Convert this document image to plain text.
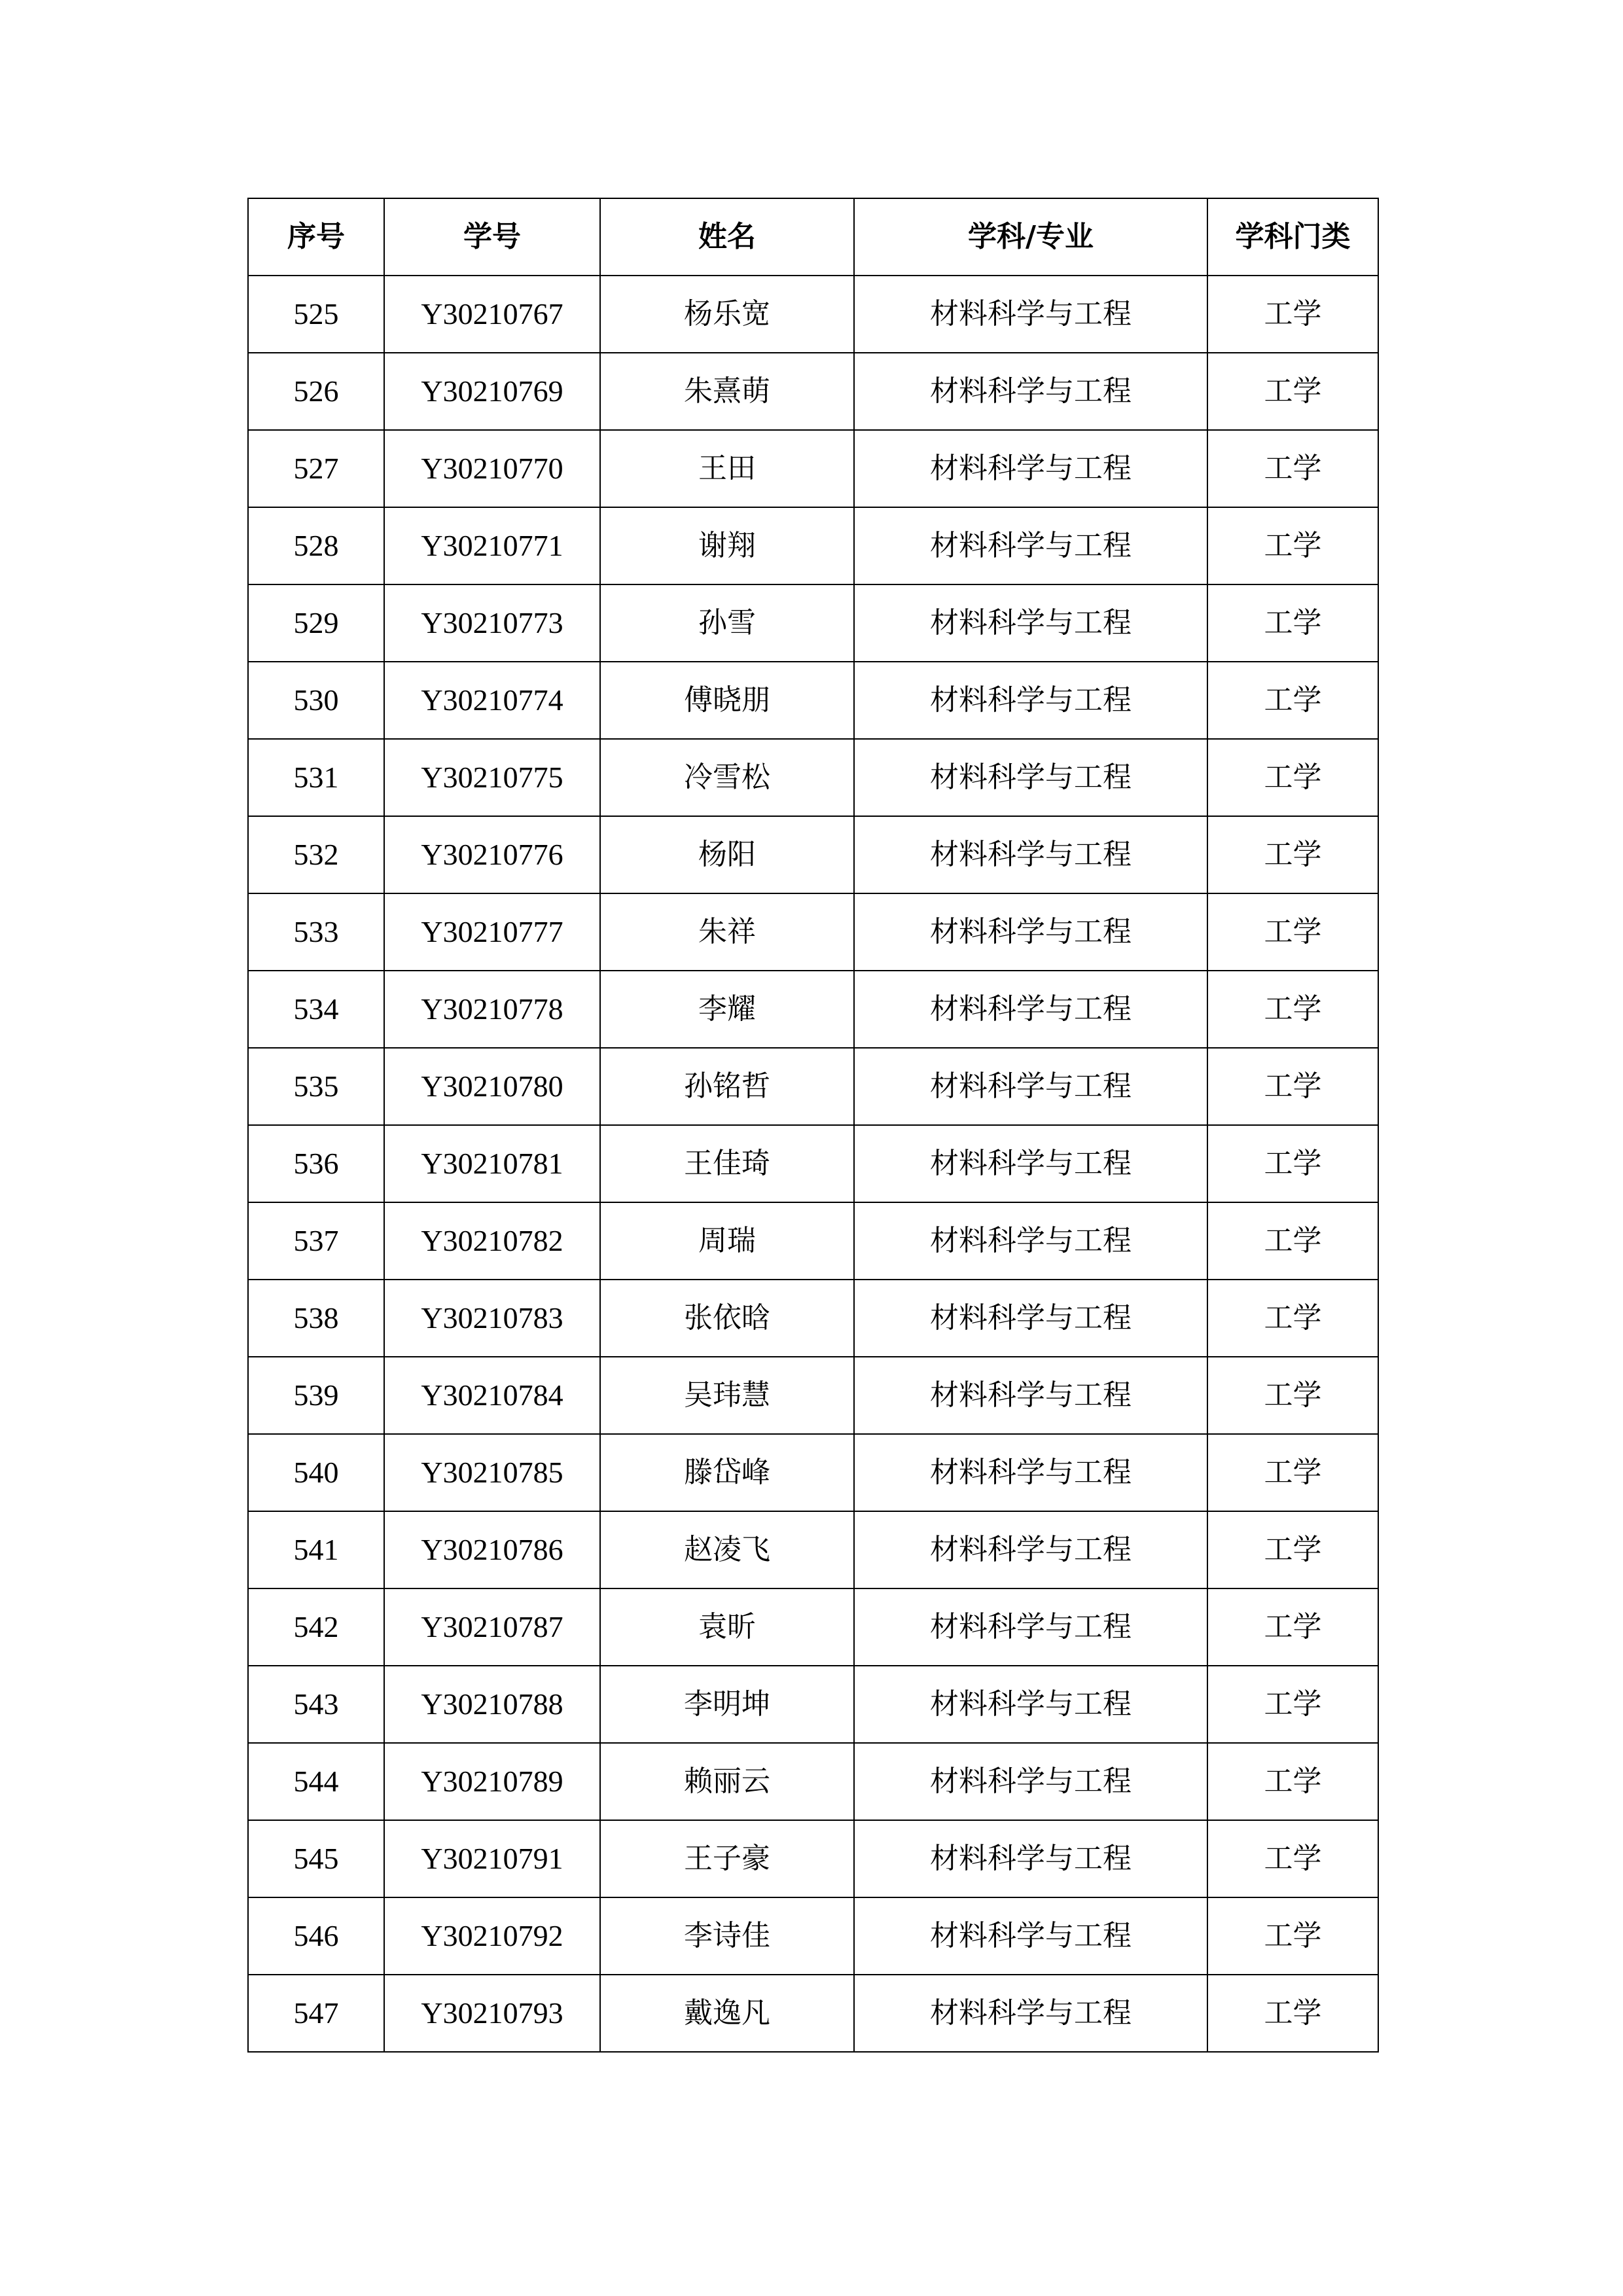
序号	学号	姓名	学科/专业	学科门类
525	Y30210767	杨乐宽	材料科学与工程	工学
526	Y30210769	朱熹萌	材料科学与工程	工学
527	Y30210770	王田	材料科学与工程	工学
528	Y30210771	谢翔	材料科学与工程	工学
529	Y30210773	孙雪	材料科学与工程	工学
530	Y30210774	傅晓朋	材料科学与工程	工学
531	Y30210775	冷雪松	材料科学与工程	工学
532	Y30210776	杨阳	材料科学与工程	工学
533	Y30210777	朱祥	材料科学与工程	工学
534	Y30210778	李耀	材料科学与工程	工学
535	Y30210780	孙铭哲	材料科学与工程	工学
536	Y30210781	王佳琦	材料科学与工程	工学
537	Y30210782	周瑞	材料科学与工程	工学
538	Y30210783	张依晗	材料科学与工程	工学
539	Y30210784	吴玮慧	材料科学与工程	工学
540	Y30210785	滕岱峰	材料科学与工程	工学
541	Y30210786	赵凌飞	材料科学与工程	工学
542	Y30210787	袁昕	材料科学与工程	工学
543	Y30210788	李明坤	材料科学与工程	工学
544	Y30210789	赖丽云	材料科学与工程	工学
545	Y30210791	王子豪	材料科学与工程	工学
546	Y30210792	李诗佳	材料科学与工程	工学
547	Y30210793	戴逸凡	材料科学与工程	工学
